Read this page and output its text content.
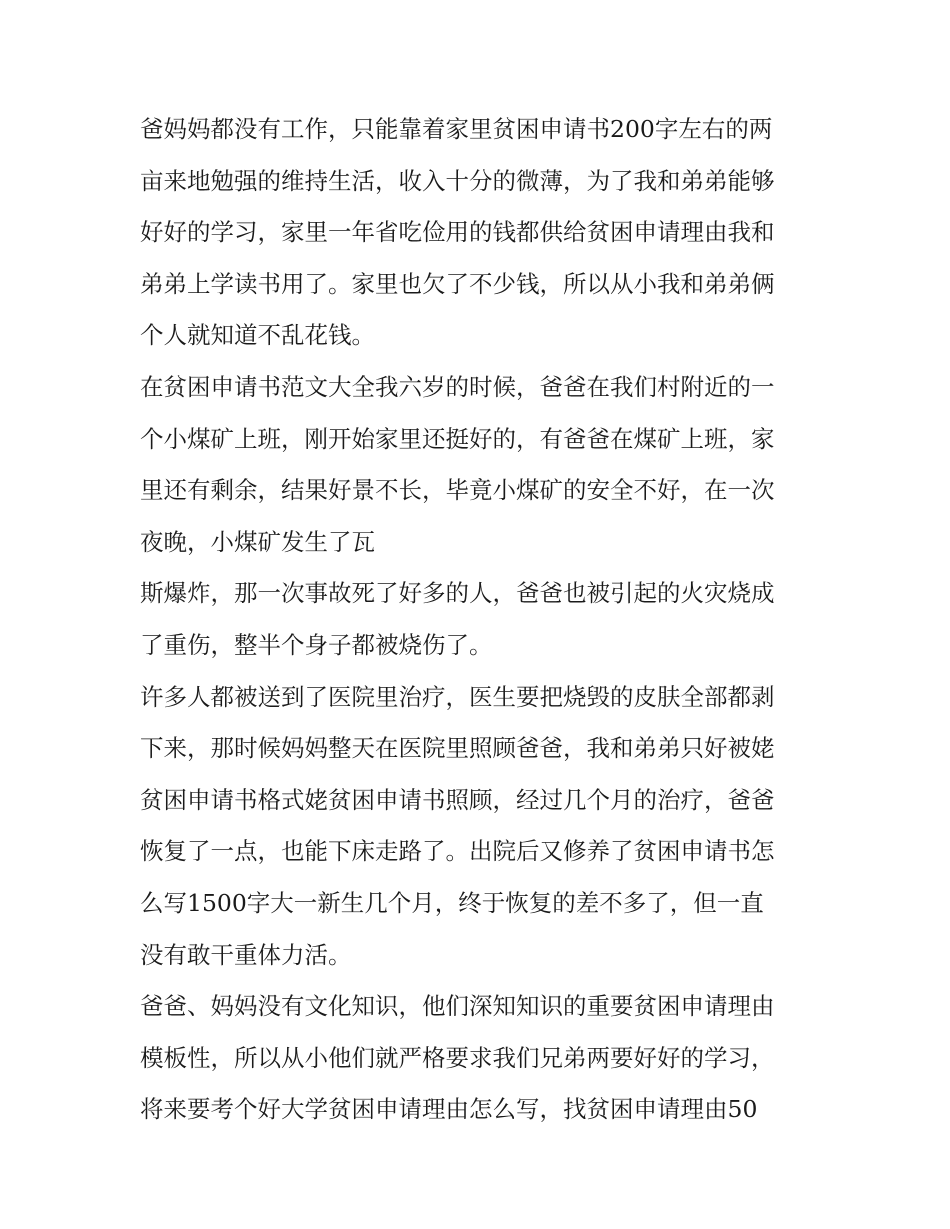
爸妈妈都没有工作，只能靠着家里贫困申请书200字左右的两
亩来地勉强的维持生活，收入十分的微薄，为了我和弟弟能够
好好的学习，家里一年省吃俭用的钱都供给贫困申请理由我和
弟弟上学读书用了。家里也欠了不少钱，所以从小我和弟弟俩
个人就知道不乱花钱。
在贫困申请书范文大全我六岁的时候，爸爸在我们村附近的一
个小煤矿上班，刚开始家里还挺好的，有爸爸在煤矿上班，家
里还有剩余，结果好景不长，毕竟小煤矿的安全不好，在一次
夜晚，小煤矿发生了瓦
斯爆炸，那一次事故死了好多的人，爸爸也被引起的火灾烧成
了重伤，整半个身子都被烧伤了。
许多人都被送到了医院里治疗，医生要把烧毁的皮肤全部都剥
下来，那时候妈妈整天在医院里照顾爸爸，我和弟弟只好被姥
贫困申请书格式姥贫困申请书照顾，经过几个月的治疗，爸爸
恢复了一点，也能下床走路了。出院后又修养了贫困申请书怎
么写1500字大一新生几个月，终于恢复的差不多了，但一直
没有敢干重体力活。
爸爸、妈妈没有文化知识，他们深知知识的重要贫困申请理由
模板性，所以从小他们就严格要求我们兄弟两要好好的学习，
将来要考个好大学贫困申请理由怎么写，找贫困申请理由50
